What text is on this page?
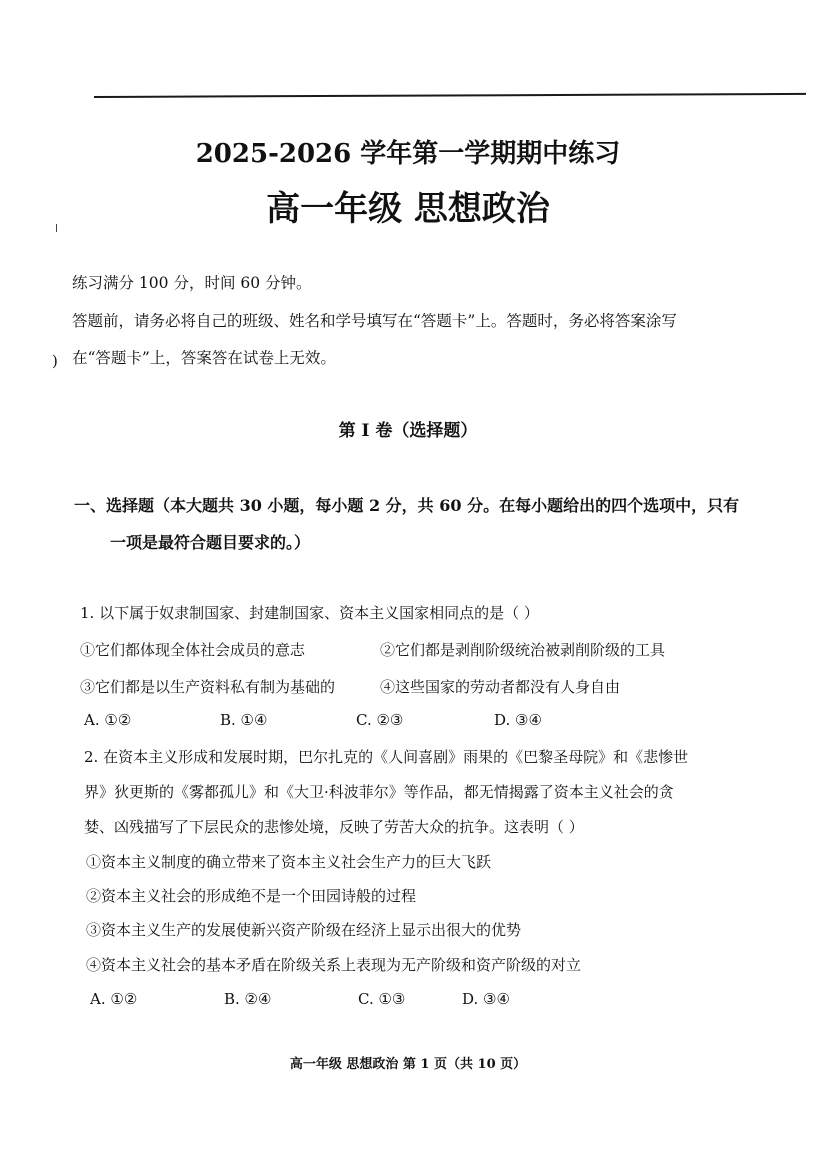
)
2025-2026 学年第一学期期中练习
高一年级 思想政治
练习满分 100 分，时间 60 分钟。
答题前，请务必将自己的班级、姓名和学号填写在“答题卡”上。答题时，务必将答案涂写
在“答题卡”上，答案答在试卷上无效。
第 I 卷（选择题）
一、选择题（本大题共 30 小题，每小题 2 分，共 60 分。在每小题给出的四个选项中，只有
一项是最符合题目要求的。）
1. 以下属于奴隶制国家、封建制国家、资本主义国家相同点的是（ ）
①它们都体现全体社会成员的意志	②它们都是剥削阶级统治被剥削阶级的工具
③它们都是以生产资料私有制为基础的	④这些国家的劳动者都没有人身自由
A. ①②	B. ①④	C. ②③	D. ③④
2. 在资本主义形成和发展时期，巴尔扎克的《人间喜剧》雨果的《巴黎圣母院》和《悲惨世
界》狄更斯的《雾都孤儿》和《大卫·科波菲尔》等作品，都无情揭露了资本主义社会的贪
婪、凶残描写了下层民众的悲惨处境，反映了劳苦大众的抗争。这表明（ ）
①资本主义制度的确立带来了资本主义社会生产力的巨大飞跃
②资本主义社会的形成绝不是一个田园诗般的过程
③资本主义生产的发展使新兴资产阶级在经济上显示出很大的优势
④资本主义社会的基本矛盾在阶级关系上表现为无产阶级和资产阶级的对立
A. ①②	B. ②④	C. ①③	D. ③④
高一年级 思想政治 第 1 页（共 10 页）
